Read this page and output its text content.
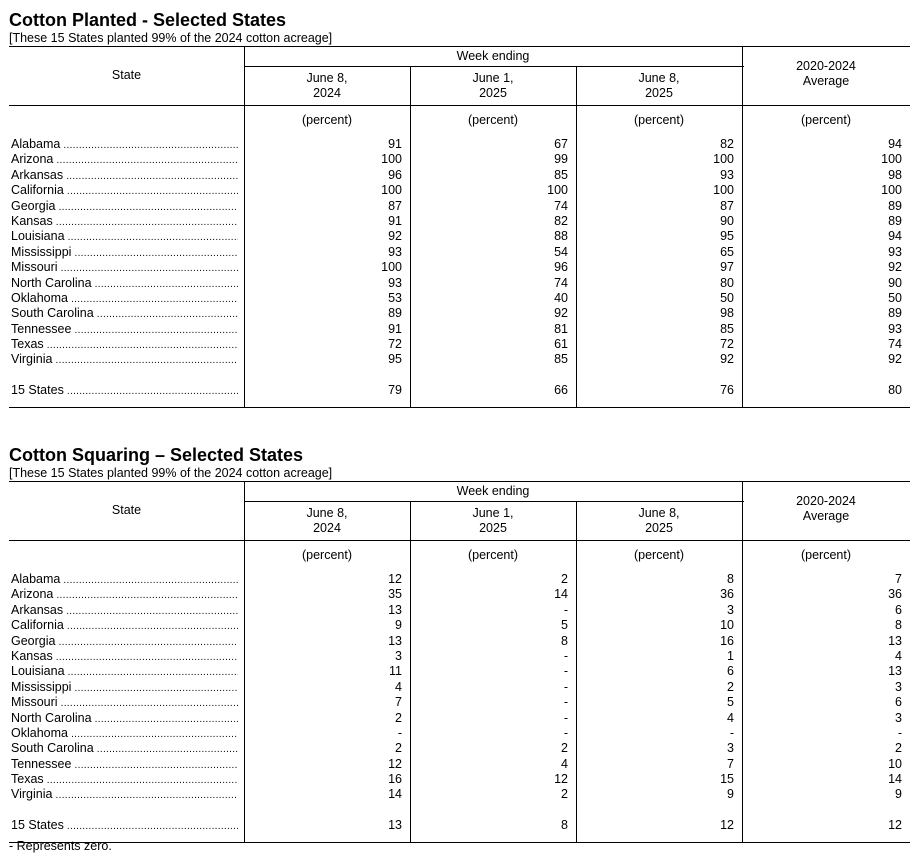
Cotton Planted - Selected States
[These 15 States planted 99% of the 2024 cotton acreage]
State
Week ending
June 8,
2024
June 1,
2025
June 8,
2025
2020-2024
Average
(percent)	(percent)	(percent)	(percent)
Alabama .....	91	67	82	94
Arizona .....	100	99	100	100
Arkansas .....	96	85	93	98
California .....	100	100	100	100
Georgia .....	87	74	87	89
Kansas .....	91	82	90	89
Louisiana .....	92	88	95	94
Mississippi .....	93	54	65	93
Missouri .....	100	96	97	92
North Carolina .....	93	74	80	90
Oklahoma .....	53	40	50	50
South Carolina .....	89	92	98	89
Tennessee .....	91	81	85	93
Texas .....	72	61	72	74
Virginia .....	95	85	92	92
15 States .....	79	66	76	80
Cotton Squaring – Selected States
[These 15 States planted 99% of the 2024 cotton acreage]
State
Week ending
June 8,
2024
June 1,
2025
June 8,
2025
2020-2024
Average
(percent)	(percent)	(percent)	(percent)
Alabama .....	12	2	8	7
Arizona .....	35	14	36	36
Arkansas .....	13	-	3	6
California .....	9	5	10	8
Georgia .....	13	8	16	13
Kansas .....	3	-	1	4
Louisiana .....	11	-	6	13
Mississippi .....	4	-	2	3
Missouri .....	7	-	5	6
North Carolina .....	2	-	4	3
Oklahoma .....	-	-	-	-
South Carolina .....	2	2	3	2
Tennessee .....	12	4	7	10
Texas .....	16	12	15	14
Virginia .....	14	2	9	9
15 States .....	13	8	12	12
- Represents zero.
